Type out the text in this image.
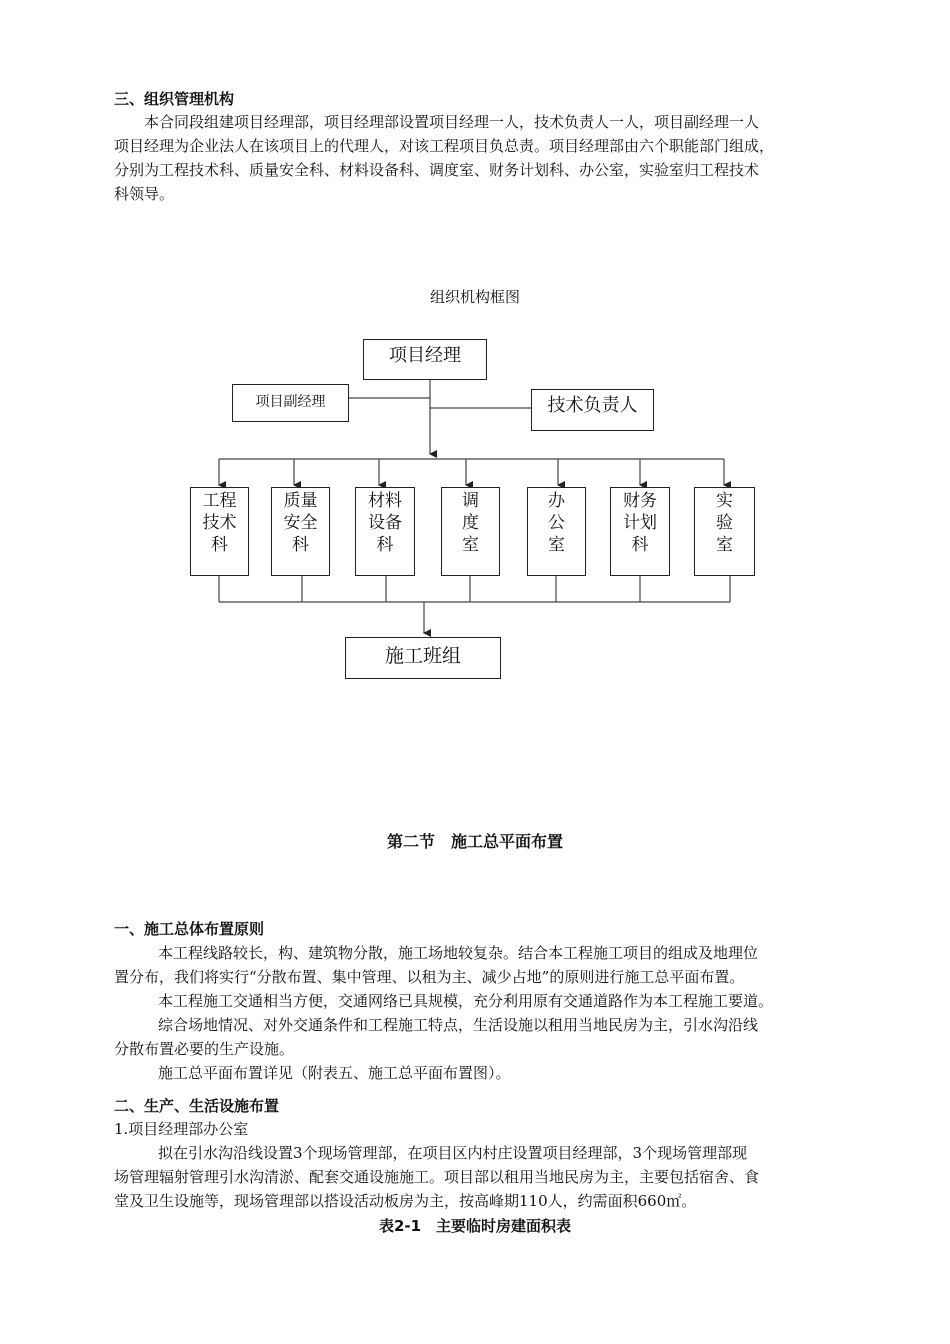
三、组织管理机构
本合同段组建项目经理部，项目经理部设置项目经理一人，技术负责人一人，项目副经理一人
项目经理为企业法人在该项目上的代理人，对该工程项目负总责。项目经理部由六个职能部门组成，
分别为工程技术科、质量安全科、材料设备科、调度室、财务计划科、办公室，实验室归工程技术
科领导。
组织机构框图
项目经理
项目副经理	技术负责人
工程
技术
科
质量
安全
科
材料
设备
科
调
度
室
办
公
室
财务
计划
科
实
验
室
施工班组
第二节　施工总平面布置
一、施工总体布置原则
本工程线路较长，构、建筑物分散，施工场地较复杂。结合本工程施工项目的组成及地理位
置分布，我们将实行“分散布置、集中管理、以租为主、减少占地”的原则进行施工总平面布置。
本工程施工交通相当方便，交通网络已具规模，充分利用原有交通道路作为本工程施工要道。
综合场地情况、对外交通条件和工程施工特点，生活设施以租用当地民房为主，引水沟沿线
分散布置必要的生产设施。
施工总平面布置详见（附表五、施工总平面布置图）。
二、生产、生活设施布置
1.项目经理部办公室
拟在引水沟沿线设置3个现场管理部，在项目区内村庄设置项目经理部，3个现场管理部现
场管理辐射管理引水沟清淤、配套交通设施施工。项目部以租用当地民房为主，主要包括宿舍、食
堂及卫生设施等，现场管理部以搭设活动板房为主，按高峰期110人，约需面积660㎡。
表2-1　主要临时房建面积表
